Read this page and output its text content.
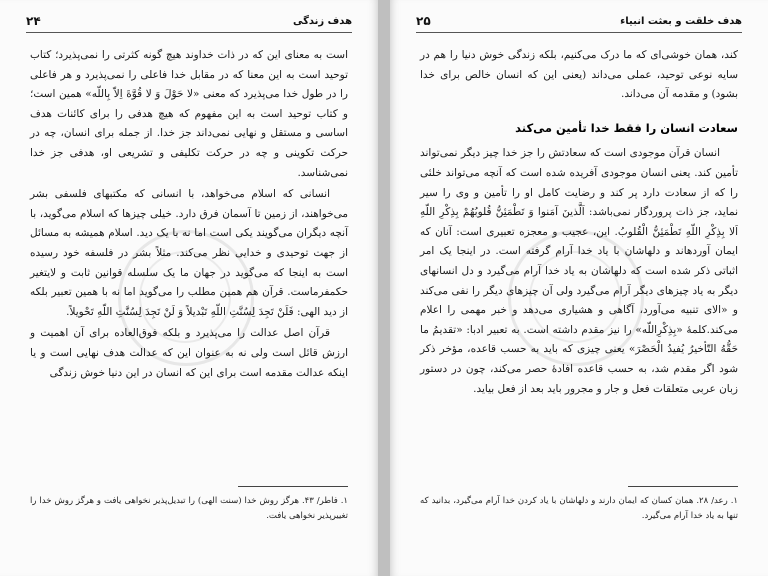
هدف زندگی
۲۴

است به معنای این که در ذات خداوند هیچ گونه کثرتی را نمی‌پذیرد؛ کتاب توحید است به این معنا که در مقابل خدا فاعلی را نمی‌پذیرد و هر فاعلی را در طول خدا می‌پذیرد که معنی «لا حَوْلَ وَ لا قُوَّةَ اِلاّ بِاللّه» همین است؛ و کتاب توحید است به این مفهوم که هیچ هدفی را برای کائنات هدف اساسی و مستقل و نهایی نمی‌داند جز خدا. از جمله برای انسان، چه در حرکت تکوینی و چه در حرکت تکلیفی و تشریعی او، هدفی جز خدا نمی‌شناسد.

انسانی که اسلام می‌خواهد، با انسانی که مکتبهای فلسفی بشر می‌خواهند، از زمین تا آسمان فرق دارد. خیلی چیزها که اسلام می‌گوید، با آنچه دیگران می‌گویند یکی است اما نه با یک دید. اسلام همیشه به مسائل از جهت توحیدی و خدایی نظر می‌کند. مثلاً بشر در فلسفه خود رسیده است به اینجا که می‌گوید در جهان ما یک سلسله قوانین ثابت و لایتغیر حکمفرماست. قرآن هم همین مطلب را می‌گوید اما نه با همین تعبیر بلکه از دید الهی: فَلَنْ تَجِدَ لِسُنَّتِ اللّهِ تَبْدیلاً وَ لَنْ تَجِدَ لِسُنَّتِ اللّهِ تَحْویلاً.

قرآن اصل عدالت را می‌پذیرد و بلکه فوق‌العاده برای آن اهمیت و ارزش قائل است ولی نه به عنوان این که عدالت هدف نهایی است و یا اینکه عدالت مقدمه است برای این که انسان در این دنیا خوش زندگی

۱. فاطر/ ۴۳. هرگز روش خدا (سنت الهی) را تبدیل‌پذیر نخواهی یافت و هرگز روش خدا را تغییرپذیر نخواهی یافت.
هدف خلقت و بعثت انبیاء
۲۵

کند، همان خوشی‌ای که ما درک می‌کنیم، بلکه زندگی خوش دنیا را هم در سایه نوعی توحید، عملی می‌داند (یعنی این که انسان خالص برای خدا بشود) و مقدمه آن می‌داند.

سعادت انسان را فقط خدا تأمین می‌کند

انسان قرآن موجودی است که سعادتش را جز خدا چیز دیگر نمی‌تواند تأمین کند. یعنی انسان موجودی آفریده شده است که آنچه می‌تواند خلئی را که از سعادت دارد پر کند و رضایت کامل او را تأمین و وی را سیر نماید، جز ذات پروردگار نمی‌باشد: اَلَّذینَ آمَنوا وَ تَطْمَئِنُّ قُلوبُهُمْ بِذِکْرِ اللّهِ اَلا بِذِکْرِ اللّهِ تَطْمَئِنُّ الْقُلوبُ. این، عجیب و معجزه تعبیری است: آنان که ایمان آوردهاند و دلهاشان با یاد خدا آرام گرفته است. در اینجا یک امر اثباتی ذکر شده است که دلهاشان به یاد خدا آرام می‌گیرد و دل انسانهای دیگر به یاد چیزهای دیگر آرام می‌گیرد ولی آن چیزهای دیگر را نفی می‌کند و «الای تنبیه می‌آورد، آگاهی و هشیاری می‌دهد و خبر مهمی را اعلام می‌کند.کلمهٔ «بِذِکْرِاللّه» را نیز مقدم داشته است. به تعبیر ادبا: «تقدیمُ ما حَقُّهُ التّأخیرُ یُفیدُ الْحَصْرَ» یعنی چیزی که باید به حسب قاعده، مؤخر ذکر شود اگر مقدم شد، به حسب قاعده افادهٔ حصر می‌کند، چون در دستور زبان عربی متعلقات فعل و جار و مجرور باید بعد از فعل بیاید.

۱. رعد/ ۲۸. همان کسان که ایمان دارند و دلهاشان با یاد کردن خدا آرام می‌گیرد، بدانید که تنها به یاد خدا آرام می‌گیرد.
